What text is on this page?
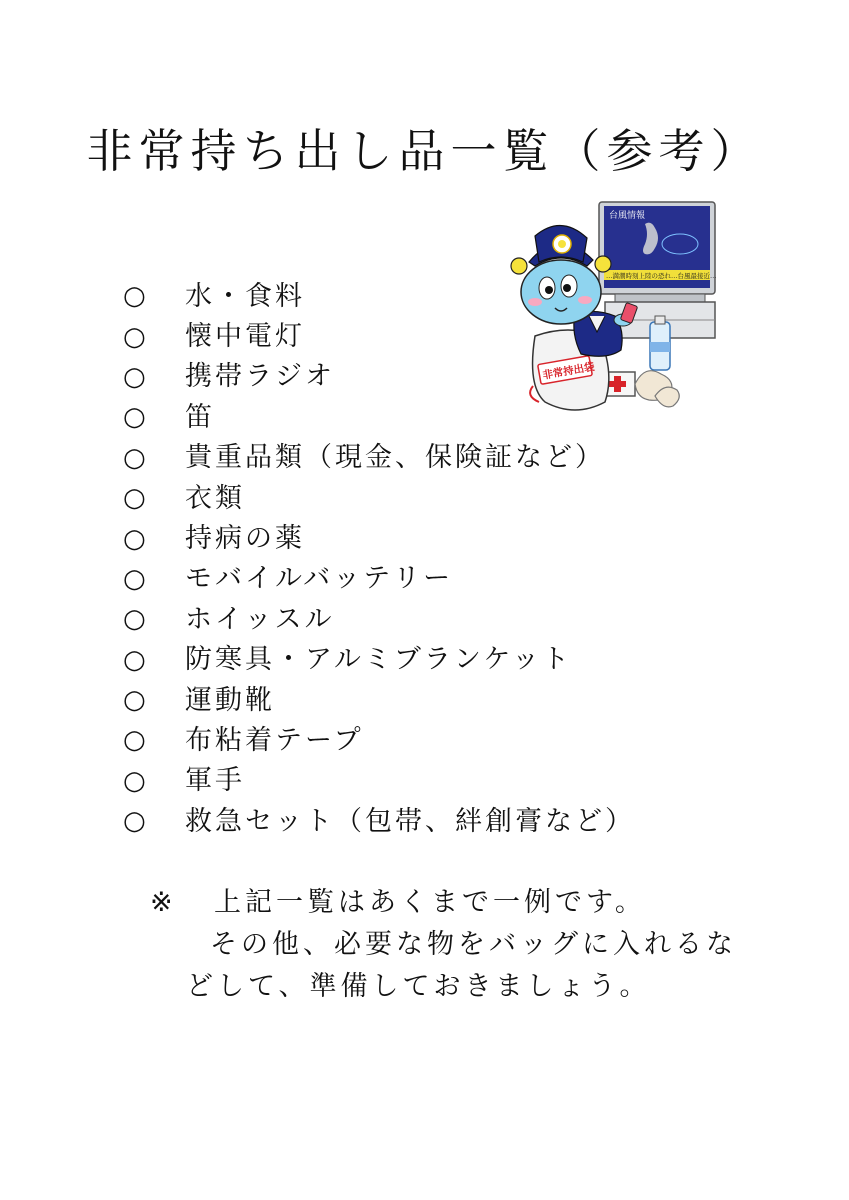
非常持ち出し品一覧（参考）
○	水・食料
○	懐中電灯
○	携帯ラジオ
○	笛
○	貴重品類（現金、保険証など）
○	衣類
○	持病の薬
○	モバイルバッテリー
○	ホイッスル
○	防寒具・アルミブランケット
○	運動靴
○	布粘着テープ
○	軍手
○	救急セット（包帯、絆創膏など）
※ 上記一覧はあくまで一例です。
その他、必要な物をバッグに入れるな
どして、準備しておきましょう。
台風情報
…満潮時刻上陸の恐れ…台風最接近…
非常持出袋
